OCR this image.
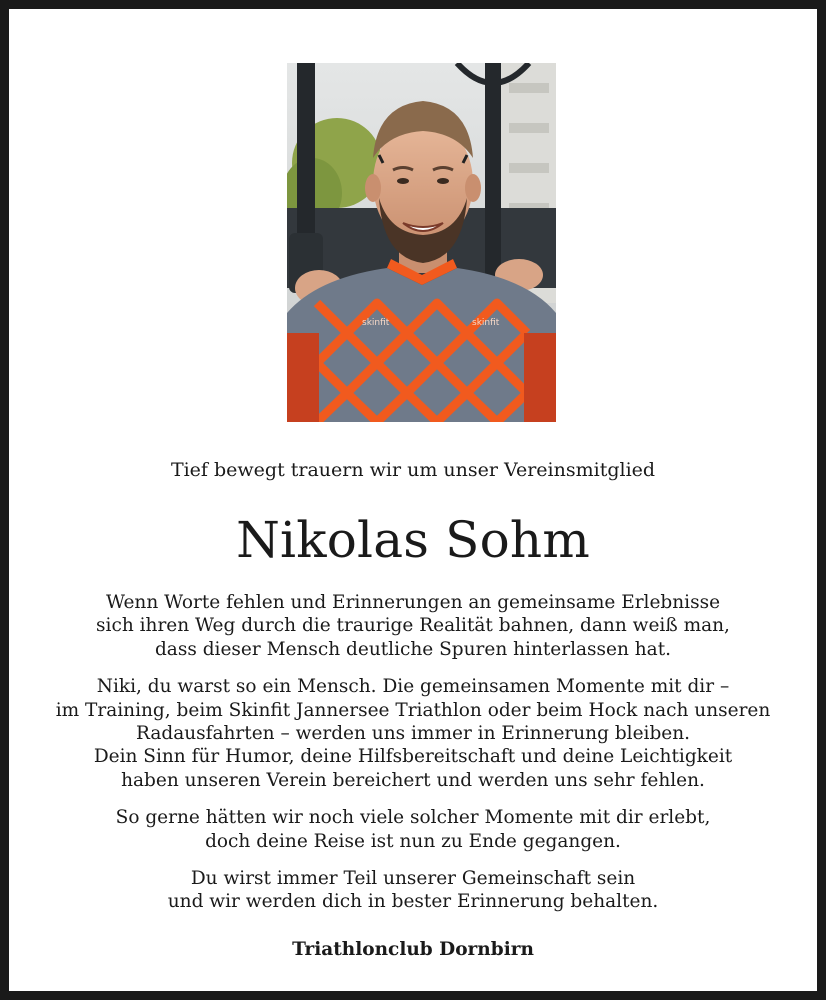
skinfit	skinfit
Tief bewegt trauern wir um unser Vereinsmitglied
Nikolas Sohm

Wenn Worte fehlen und Erinnerungen an gemeinsame Erlebnisse
sich ihren Weg durch die traurige Realität bahnen, dann weiß man,
dass dieser Mensch deutliche Spuren hinterlassen hat.

Niki, du warst so ein Mensch. Die gemeinsamen Momente mit dir –
im Training, beim Skinfit Jannersee Triathlon oder beim Hock nach unseren
Radausfahrten – werden uns immer in Erinnerung bleiben.
Dein Sinn für Humor, deine Hilfsbereitschaft und deine Leichtigkeit
haben unseren Verein bereichert und werden uns sehr fehlen.

So gerne hätten wir noch viele solcher Momente mit dir erlebt,
doch deine Reise ist nun zu Ende gegangen.

Du wirst immer Teil unserer Gemeinschaft sein
und wir werden dich in bester Erinnerung behalten.

Triathlonclub Dornbirn
